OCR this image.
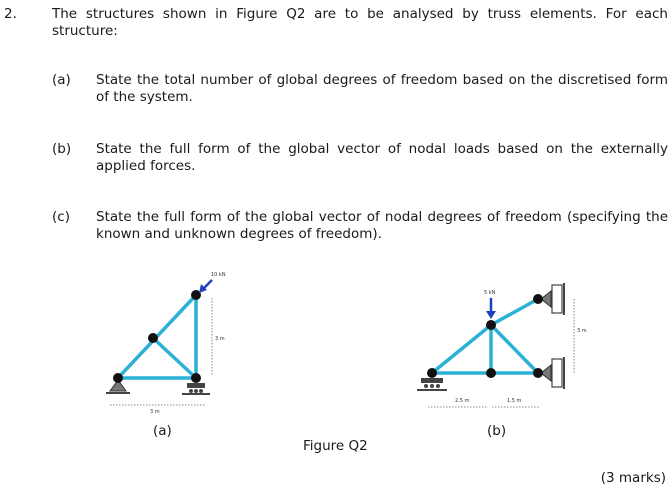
2.	The structures shown in Figure Q2 are to be analysed by truss elements. For each structure:
(a) State the total number of global degrees of freedom based on the discretised form of the system.
(b) State the full form of the global vector of nodal loads based on the externally applied forces.
(c) State the full form of the global vector of nodal degrees of freedom (specifying the known and unknown degrees of freedom).
10 kN
3 m
3 m
5 kN
3 m
2.5 m	1.5 m
(a)	(b)
Figure Q2
(3 marks)
